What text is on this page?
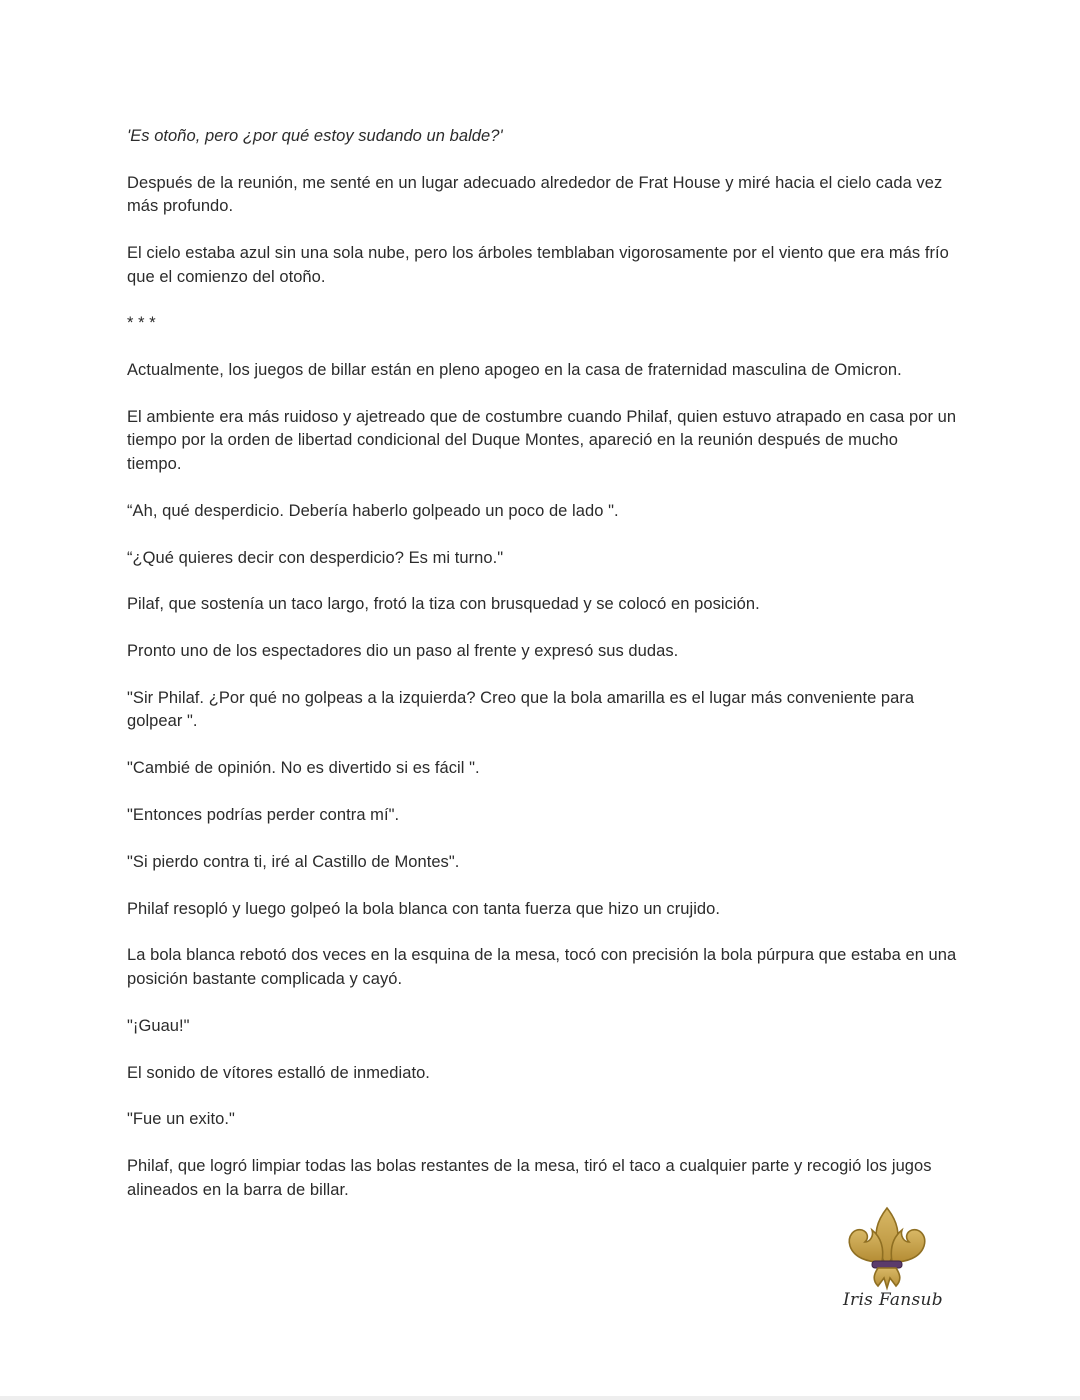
'Es otoño, pero ¿por qué estoy sudando un balde?'

Después de la reunión, me senté en un lugar adecuado alrededor de Frat House y miré hacia el cielo cada vez más profundo.

El cielo estaba azul sin una sola nube, pero los árboles temblaban vigorosamente por el viento que era más frío que el comienzo del otoño.

* * *

Actualmente, los juegos de billar están en pleno apogeo en la casa de fraternidad masculina de Omicron.

El ambiente era más ruidoso y ajetreado que de costumbre cuando Philaf, quien estuvo atrapado en casa por un tiempo por la orden de libertad condicional del Duque Montes, apareció en la reunión después de mucho tiempo.

“Ah, qué desperdicio. Debería haberlo golpeado un poco de lado ".

“¿Qué quieres decir con desperdicio? Es mi turno."

Pilaf, que sostenía un taco largo, frotó la tiza con brusquedad y se colocó en posición.

Pronto uno de los espectadores dio un paso al frente y expresó sus dudas.

"Sir Philaf. ¿Por qué no golpeas a la izquierda? Creo que la bola amarilla es el lugar más conveniente para golpear ".

"Cambié de opinión. No es divertido si es fácil ".

"Entonces podrías perder contra mí".

"Si pierdo contra ti, iré al Castillo de Montes".

Philaf resopló y luego golpeó la bola blanca con tanta fuerza que hizo un crujido.

La bola blanca rebotó dos veces en la esquina de la mesa, tocó con precisión la bola púrpura que estaba en una posición bastante complicada y cayó.

"¡Guau!"

El sonido de vítores estalló de inmediato.

"Fue un exito."

Philaf, que logró limpiar todas las bolas restantes de la mesa, tiró el taco a cualquier parte y recogió los jugos alineados en la barra de billar.

Iris Fansub
